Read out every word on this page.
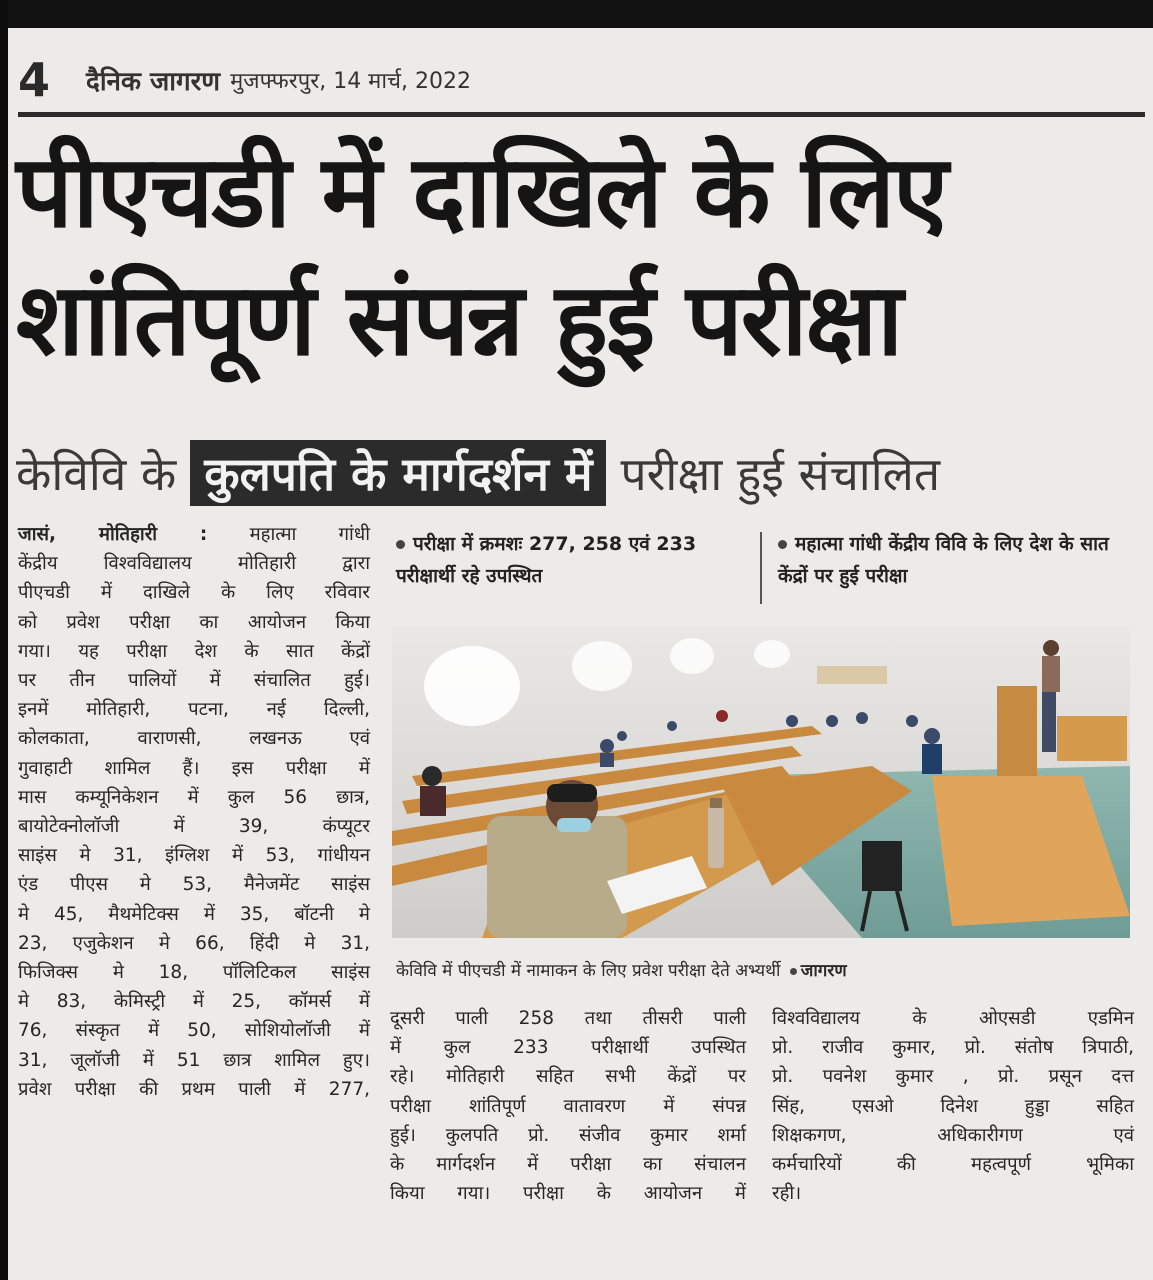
4 दैनिक जागरण मुजफ्फरपुर, 14 मार्च, 2022
पीएचडी में दाखिले के लिए
शांतिपूर्ण संपन्न हुई परीक्षा
केविवि के कुलपति के मार्गदर्शन में परीक्षा हुई संचालित
जासं, मोतिहारी : महात्मा गांधी
केंद्रीय विश्वविद्यालय मोतिहारी द्वारा
पीएचडी में दाखिले के लिए रविवार
को प्रवेश परीक्षा का आयोजन किया
गया। यह परीक्षा देश के सात केंद्रों
पर तीन पालियों में संचालित हुई।
इनमें मोतिहारी, पटना, नई दिल्ली,
कोलकाता, वाराणसी, लखनऊ एवं
गुवाहाटी शामिल हैं। इस परीक्षा में
मास कम्यूनिकेशन में कुल 56 छात्र,
बायोटेक्नोलॉजी में 39, कंप्यूटर
साइंस मे 31, इंग्लिश में 53, गांधीयन
एंड पीएस मे 53, मैनेजमेंट साइंस
मे 45, मैथमेटिक्स में 35, बॉटनी मे
23, एजुकेशन मे 66, हिंदी मे 31,
फिजिक्स मे 18, पॉलिटिकल साइंस
मे 83, केमिस्ट्री में 25, कॉमर्स में
76, संस्कृत में 50, सोशियोलॉजी में
31, जूलॉजी में 51 छात्र शामिल हुए।
प्रवेश परीक्षा की प्रथम पाली में 277,
परीक्षा में क्रमशः 277, 258 एवं 233 परीक्षार्थी रहे उपस्थित
महात्मा गांधी केंद्रीय विवि के लिए देश के सात केंद्रों पर हुई परीक्षा
केविवि में पीएचडी में नामाकन के लिए प्रवेश परीक्षा देते अभ्यर्थी जागरण
दूसरी पाली 258 तथा तीसरी पाली
में कुल 233 परीक्षार्थी उपस्थित
रहे। मोतिहारी सहित सभी केंद्रों पर
परीक्षा शांतिपूर्ण वातावरण में संपन्न
हुई। कुलपति प्रो. संजीव कुमार शर्मा
के मार्गदर्शन में परीक्षा का संचालन
किया गया। परीक्षा के आयोजन में
विश्वविद्यालय के ओएसडी एडमिन
प्रो. राजीव कुमार, प्रो. संतोष त्रिपाठी,
प्रो. पवनेश कुमार , प्रो. प्रसून दत्त
सिंह, एसओ दिनेश हुड्डा सहित
शिक्षकगण, अधिकारीगण एवं
कर्मचारियों की महत्वपूर्ण भूमिका
रही।
